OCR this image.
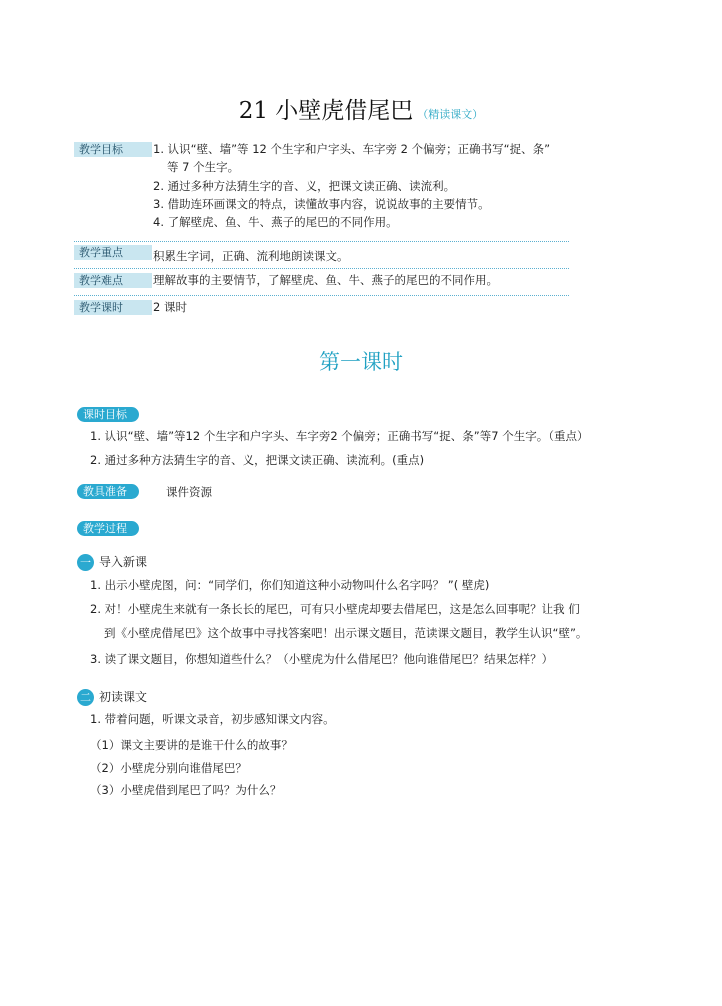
21 小壁虎借尾巴 （精读课文）
教学目标	1. 认识“壁、墙”等 12 个生字和户字头、车字旁 2 个偏旁；正确书写“捉、条”
等 7 个生字。
2. 通过多种方法猜生字的音、义，把课文读正确、读流利。
3. 借助连环画课文的特点，读懂故事内容，说说故事的主要情节。
4. 了解壁虎、鱼、牛、燕子的尾巴的不同作用。
教学重点	积累生字词，正确、流利地朗读课文。
教学难点	理解故事的主要情节，了解壁虎、鱼、牛、燕子的尾巴的不同作用。
教学课时	2 课时
第一课时
课时目标
1. 认识“壁、墙”等12 个生字和户字头、车字旁2 个偏旁；正确书写“捉、条”等7 个生字。（重点）
2. 通过多种方法猜生字的音、义，把课文读正确、读流利。(重点)
教具准备	课件资源
教学过程
一 导入新课
1. 出示小壁虎图，问：“同学们，你们知道这种小动物叫什么名字吗？ ”( 壁虎)
2. 对！小壁虎生来就有一条长长的尾巴，可有只小壁虎却要去借尾巴，这是怎么回事呢？让我 们
到《小壁虎借尾巴》这个故事中寻找答案吧！出示课文题目，范读课文题目，教学生认识“壁”。
3. 读了课文题目，你想知道些什么？（小壁虎为什么借尾巴？他向谁借尾巴？结果怎样？）
二 初读课文
1. 带着问题，听课文录音，初步感知课文内容。
（1）课文主要讲的是谁干什么的故事？
（2）小壁虎分别向谁借尾巴？
（3）小壁虎借到尾巴了吗？为什么？
